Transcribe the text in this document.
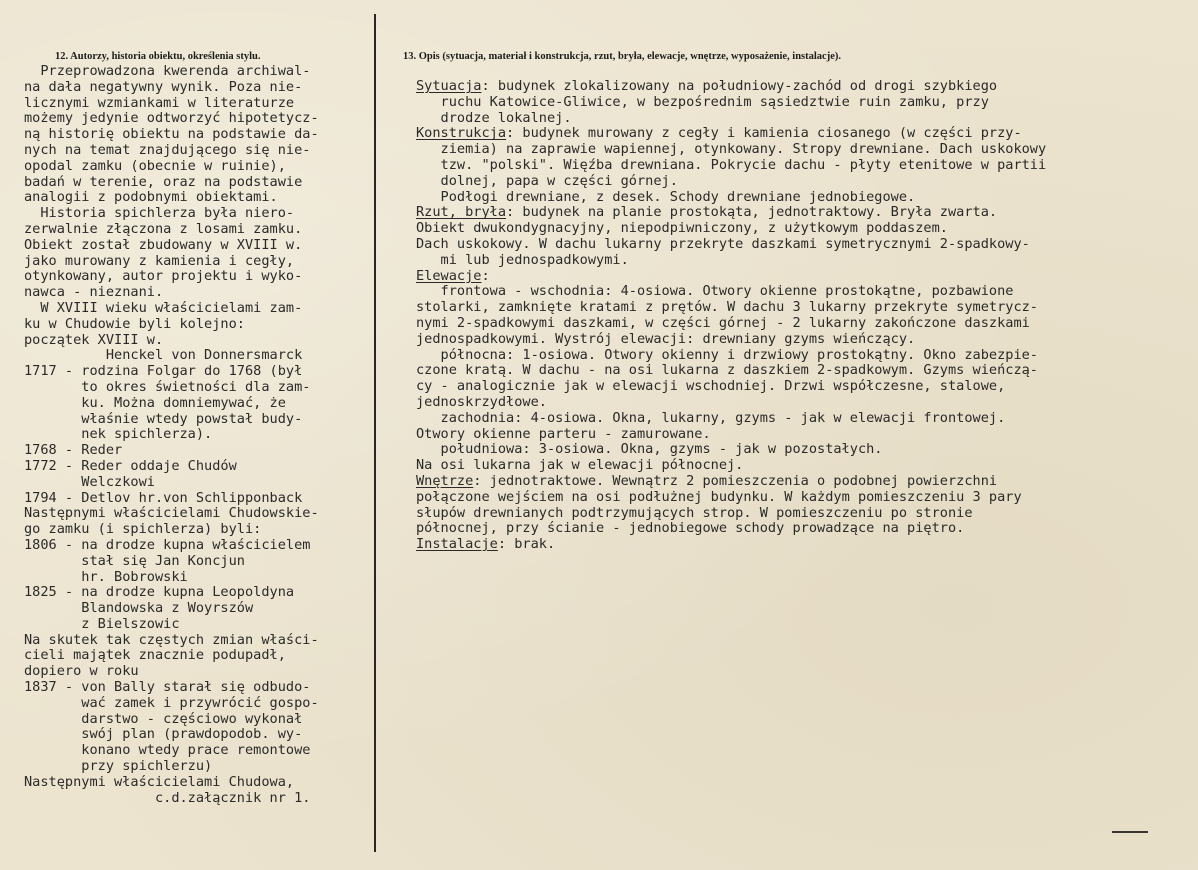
12. Autorzy, historia obiektu, określenia stylu.	13. Opis (sytuacja, materiał i konstrukcja, rzut, bryła, elewacje, wnętrze, wyposażenie, instalacje).
Przeprowadzona kwerenda archiwal-
na dała negatywny wynik. Poza nie-
licznymi wzmiankami w literaturze
możemy jedynie odtworzyć hipotetycz-
ną historię obiektu na podstawie da-
nych na temat znajdującego się nie-
opodal zamku (obecnie w ruinie),
badań w terenie, oraz na podstawie
analogii z podobnymi obiektami.
Historia spichlerza była niero-
zerwalnie złączona z losami zamku.
Obiekt został zbudowany w XVIII w.
jako murowany z kamienia i cegły,
otynkowany, autor projektu i wyko-
nawca - nieznani.
W XVIII wieku właścicielami zam-
ku w Chudowie byli kolejno:
początek XVIII w.
Henckel von Donnersmarck
1717 - rodzina Folgar do 1768 (był
to okres świetności dla zam-
ku. Można domniemywać, że
właśnie wtedy powstał budy-
nek spichlerza).
1768 - Reder
1772 - Reder oddaje Chudów
Welczkowi
1794 - Detlov hr.von Schlipponback
Następnymi właścicielami Chudowskie-
go zamku (i spichlerza) byli:
1806 - na drodze kupna właścicielem
stał się Jan Koncjun
hr. Bobrowski
1825 - na drodze kupna Leopoldyna
Blandowska z Woyrszów
z Bielszowic
Na skutek tak częstych zmian właści-
cieli majątek znacznie podupadł,
dopiero w roku
1837 - von Bally starał się odbudo-
wać zamek i przywrócić gospo-
darstwo - częściowo wykonał
swój plan (prawdopodob. wy-
konano wtedy prace remontowe
przy spichlerzu)
Następnymi właścicielami Chudowa,
c.d.załącznik nr 1.
Sytuacja: budynek zlokalizowany na południowy-zachód od drogi szybkiego
ruchu Katowice-Gliwice, w bezpośrednim sąsiedztwie ruin zamku, przy
drodze lokalnej.
Konstrukcja: budynek murowany z cegły i kamienia ciosanego (w części przy-
ziemia) na zaprawie wapiennej, otynkowany. Stropy drewniane. Dach uskokowy
tzw. "polski". Więźba drewniana. Pokrycie dachu - płyty etenitowe w partii
dolnej, papa w części górnej.
Podłogi drewniane, z desek. Schody drewniane jednobiegowe.
Rzut, bryła: budynek na planie prostokąta, jednotraktowy. Bryła zwarta.
Obiekt dwukondygnacyjny, niepodpiwniczony, z użytkowym poddaszem.
Dach uskokowy. W dachu lukarny przekryte daszkami symetrycznymi 2-spadkowy-
mi lub jednospadkowymi.
Elewacje:
frontowa - wschodnia: 4-osiowa. Otwory okienne prostokątne, pozbawione
stolarki, zamknięte kratami z prętów. W dachu 3 lukarny przekryte symetrycz-
nymi 2-spadkowymi daszkami, w części górnej - 2 lukarny zakończone daszkami
jednospadkowymi. Wystrój elewacji: drewniany gzyms wieńczący.
północna: 1-osiowa. Otwory okienny i drzwiowy prostokątny. Okno zabezpie-
czone kratą. W dachu - na osi lukarna z daszkiem 2-spadkowym. Gzyms wieńczą-
cy - analogicznie jak w elewacji wschodniej. Drzwi współczesne, stalowe,
jednoskrzydłowe.
zachodnia: 4-osiowa. Okna, lukarny, gzyms - jak w elewacji frontowej.
Otwory okienne parteru - zamurowane.
południowa: 3-osiowa. Okna, gzyms - jak w pozostałych.
Na osi lukarna jak w elewacji północnej.
Wnętrze: jednotraktowe. Wewnątrz 2 pomieszczenia o podobnej powierzchni
połączone wejściem na osi podłużnej budynku. W każdym pomieszczeniu 3 pary
słupów drewnianych podtrzymujących strop. W pomieszczeniu po stronie
północnej, przy ścianie - jednobiegowe schody prowadzące na piętro.
Instalacje: brak.
